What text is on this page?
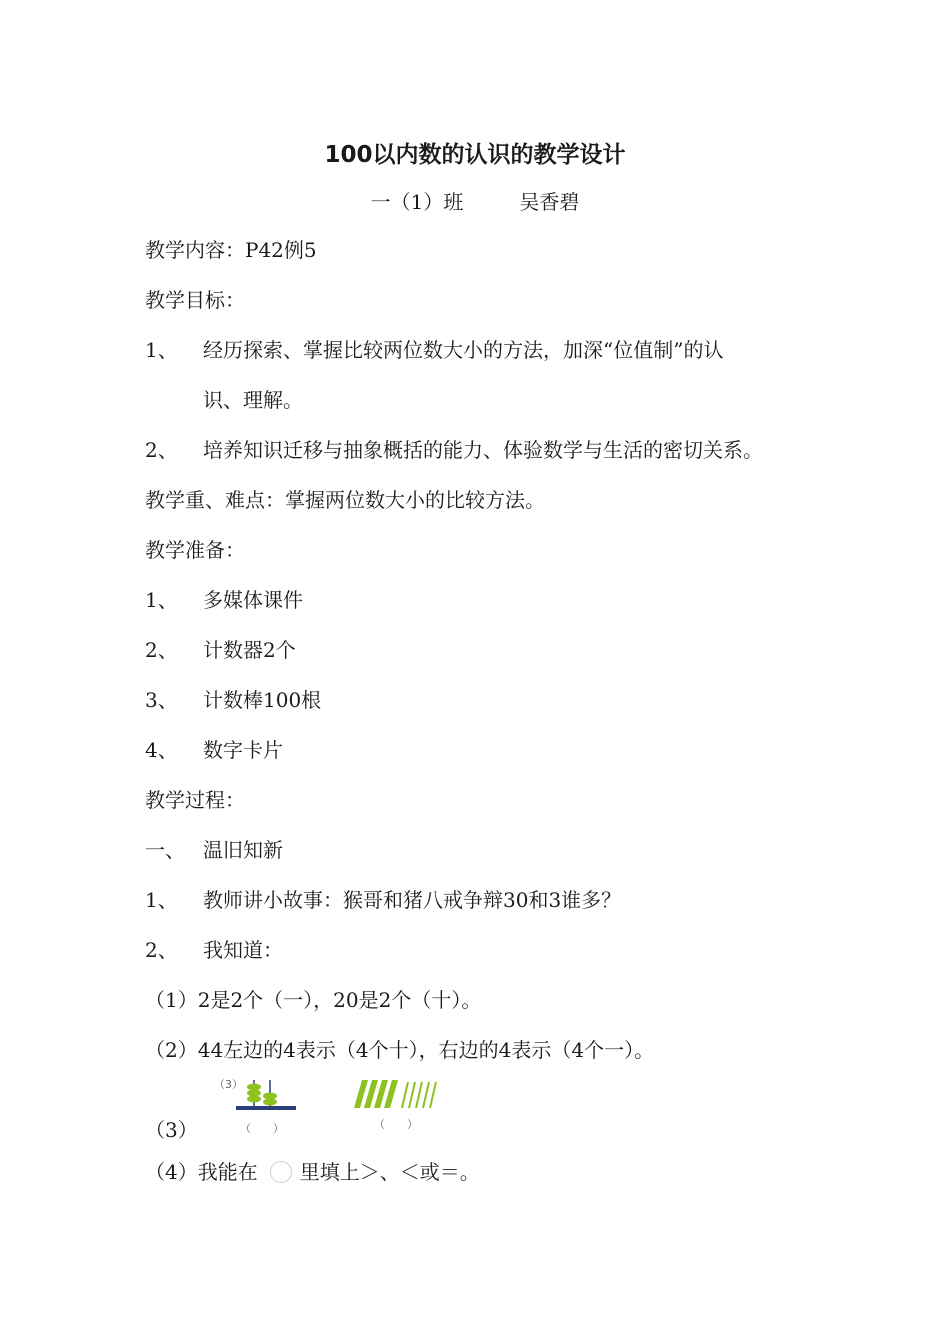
100以内数的认识的教学设计
一（1）班	吴香碧
教学内容：P42例5
教学目标：
1、 经历探索、掌握比较两位数大小的方法，加深“位值制”的认
识、理解。
2、 培养知识迁移与抽象概括的能力、体验数学与生活的密切关系。
教学重、难点：掌握两位数大小的比较方法。
教学准备：
1、 多媒体课件
2、 计数器2个
3、 计数棒100根
4、 数字卡片
教学过程：
一、 温旧知新
1、 教师讲小故事：猴哥和猪八戒争辩30和3谁多？
2、 我知道：
（1）2是2个（一），20是2个（十）。
（2）44左边的4表示（4个十），右边的4表示（4个一）。
（3）
（3）
（　　）	（　　）
（4）我能在 里填上＞、＜或＝。
